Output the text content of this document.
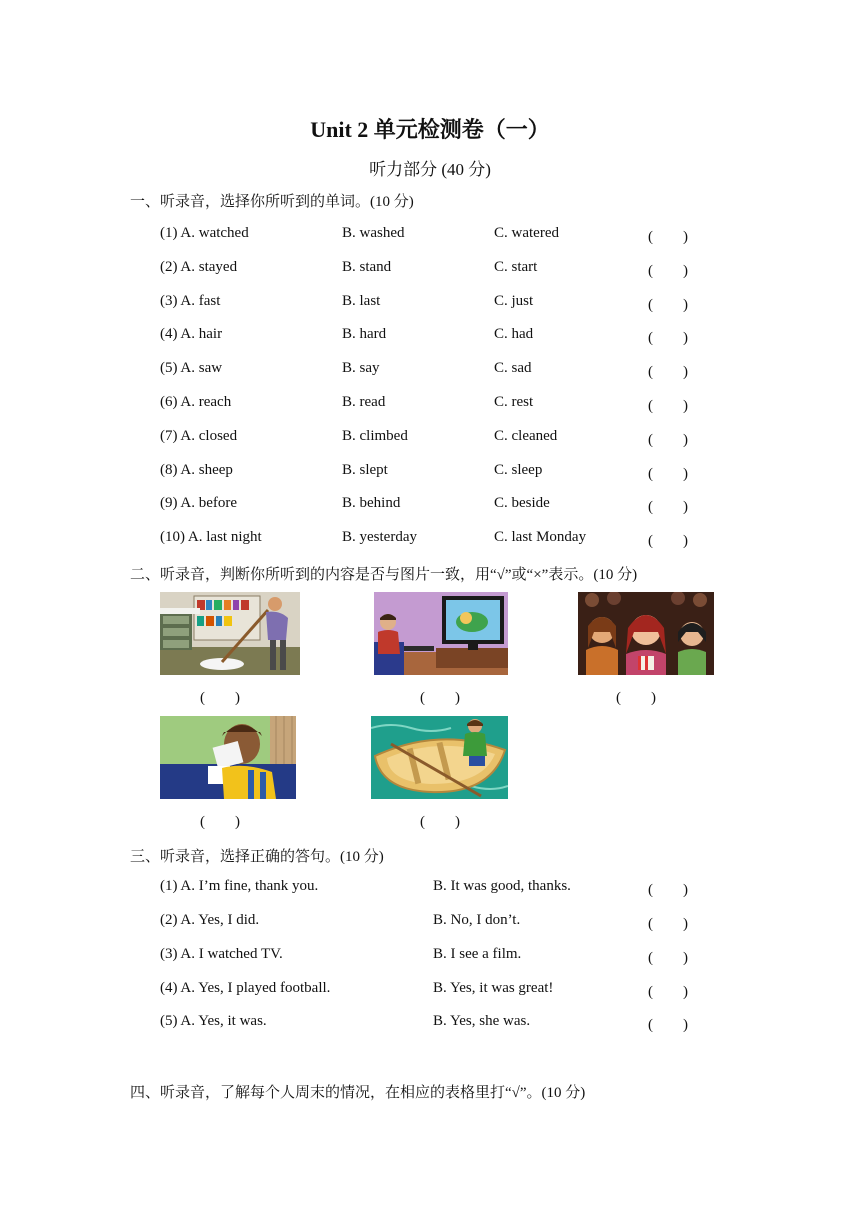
Unit 2 单元检测卷（一）
听力部分 (40 分)
一、听录音，选择你所听到的单词。(10 分)
(1) A. watched	B. washed	C. watered	(　　)
(2) A. stayed	B. stand	C. start	(　　)
(3) A. fast	B. last	C. just	(　　)
(4) A. hair	B. hard	C. had	(　　)
(5) A. saw	B. say	C. sad	(　　)
(6) A. reach	B. read	C. rest	(　　)
(7) A. closed	B. climbed	C. cleaned	(　　)
(8) A. sheep	B. slept	C. sleep	(　　)
(9) A. before	B. behind	C. beside	(　　)
(10) A. last night	B. yesterday	C. last Monday	(　　)
二、听录音，判断你所听到的内容是否与图片一致，用“√”或“×”表示。(10 分)
(　　)	(　　)	(　　)
(　　)	(　　)
三、听录音，选择正确的答句。(10 分)
(1) A. I’m fine, thank you.	B. It was good, thanks.	(　　)
(2) A. Yes, I did.	B. No, I don’t.	(　　)
(3) A. I watched TV.	B. I see a film.	(　　)
(4) A. Yes, I played football.	B. Yes, it was great!	(　　)
(5) A. Yes, it was.	B. Yes, she was.	(　　)
四、听录音，了解每个人周末的情况，在相应的表格里打“√”。(10 分)
